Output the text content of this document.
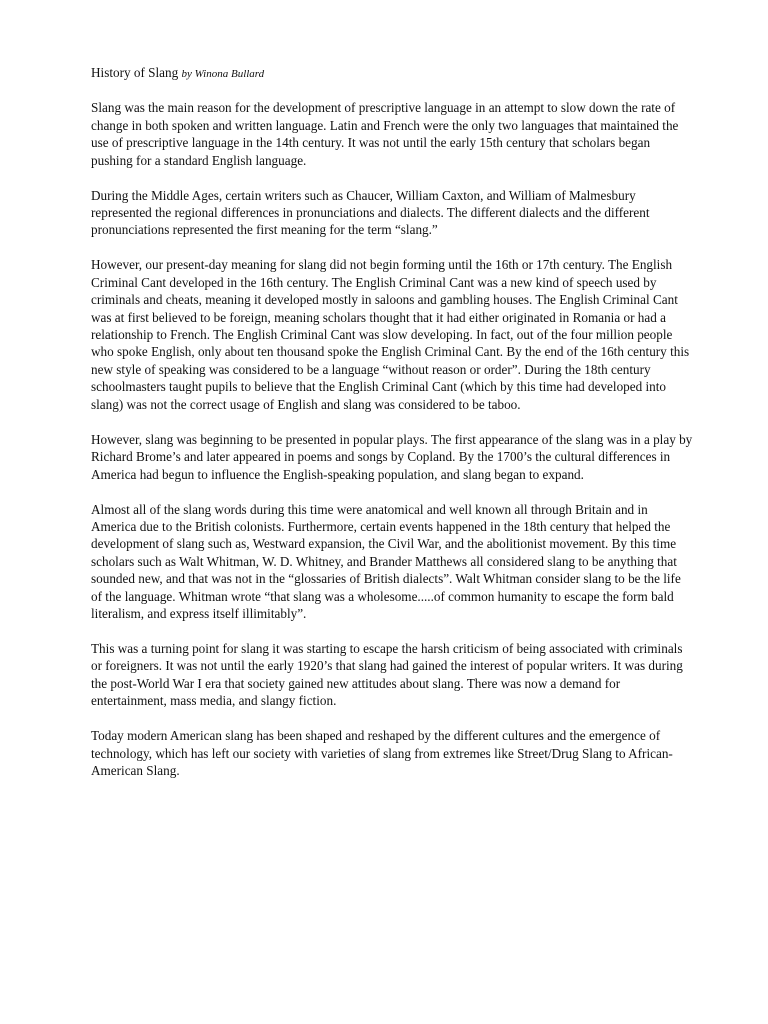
History of Slang by Winona Bullard

Slang was the main reason for the development of prescriptive language in an attempt to slow down the rate of change in both spoken and written language. Latin and French were the only two languages that maintained the use of prescriptive language in the 14th century. It was not until the early 15th century that scholars began pushing for a standard English language.

During the Middle Ages, certain writers such as Chaucer, William Caxton, and William of Malmesbury represented the regional differences in pronunciations and dialects. The different dialects and the different pronunciations represented the first meaning for the term “slang.”

However, our present-day meaning for slang did not begin forming until the 16th or 17th century. The English Criminal Cant developed in the 16th century. The English Criminal Cant was a new kind of speech used by criminals and cheats, meaning it developed mostly in saloons and gambling houses. The English Criminal Cant was at first believed to be foreign, meaning scholars thought that it had either originated in Romania or had a relationship to French. The English Criminal Cant was slow developing. In fact, out of the four million people who spoke English, only about ten thousand spoke the English Criminal Cant. By the end of the 16th century this new style of speaking was considered to be a language “without reason or order”. During the 18th century schoolmasters taught pupils to believe that the English Criminal Cant (which by this time had developed into slang) was not the correct usage of English and slang was considered to be taboo.

However, slang was beginning to be presented in popular plays. The first appearance of the slang was in a play by Richard Brome’s and later appeared in poems and songs by Copland. By the 1700’s the cultural differences in America had begun to influence the English-speaking population, and slang began to expand.

Almost all of the slang words during this time were anatomical and well known all through Britain and in America due to the British colonists. Furthermore, certain events happened in the 18th century that helped the development of slang such as, Westward expansion, the Civil War, and the abolitionist movement. By this time scholars such as Walt Whitman, W. D. Whitney, and Brander Matthews all considered slang to be anything that sounded new, and that was not in the “glossaries of British dialects”. Walt Whitman consider slang to be the life of the language. Whitman wrote “that slang was a wholesome.....of common humanity to escape the form bald literalism, and express itself illimitably”.

This was a turning point for slang it was starting to escape the harsh criticism of being associated with criminals or foreigners. It was not until the early 1920’s that slang had gained the interest of popular writers. It was during the post-World War I era that society gained new attitudes about slang. There was now a demand for entertainment, mass media, and slangy fiction.

Today modern American slang has been shaped and reshaped by the different cultures and the emergence of technology, which has left our society with varieties of slang from extremes like Street/Drug Slang to African-American Slang.
